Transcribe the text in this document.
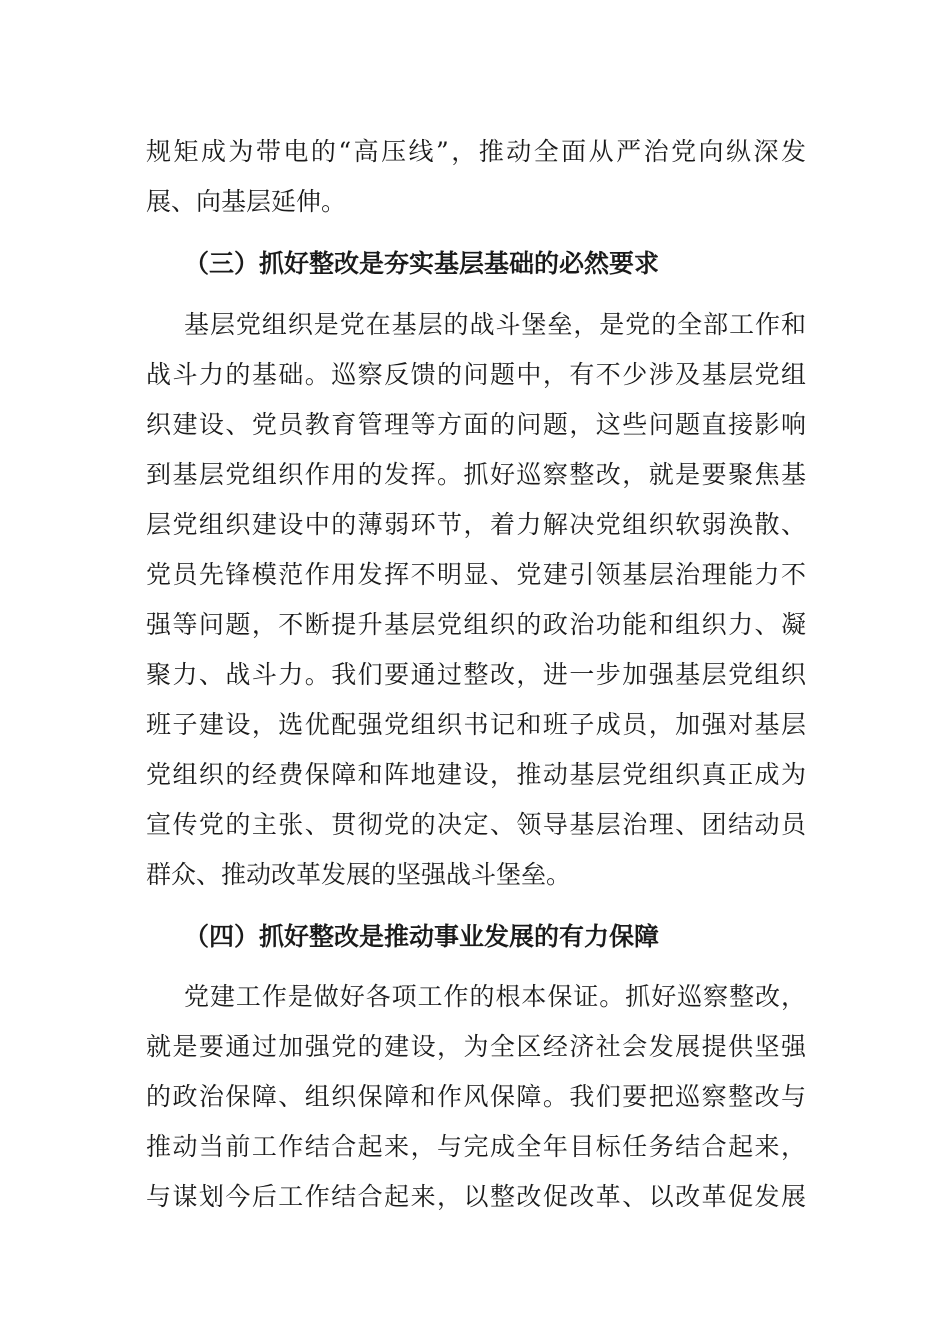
规矩成为带电的“高压线”，推动全面从严治党向纵深发
展、向基层延伸。
（三）抓好整改是夯实基层基础的必然要求
基层党组织是党在基层的战斗堡垒，是党的全部工作和
战斗力的基础。巡察反馈的问题中，有不少涉及基层党组
织建设、党员教育管理等方面的问题，这些问题直接影响
到基层党组织作用的发挥。抓好巡察整改，就是要聚焦基
层党组织建设中的薄弱环节，着力解决党组织软弱涣散、
党员先锋模范作用发挥不明显、党建引领基层治理能力不
强等问题，不断提升基层党组织的政治功能和组织力、凝
聚力、战斗力。我们要通过整改，进一步加强基层党组织
班子建设，选优配强党组织书记和班子成员，加强对基层
党组织的经费保障和阵地建设，推动基层党组织真正成为
宣传党的主张、贯彻党的决定、领导基层治理、团结动员
群众、推动改革发展的坚强战斗堡垒。
（四）抓好整改是推动事业发展的有力保障
党建工作是做好各项工作的根本保证。抓好巡察整改，
就是要通过加强党的建设，为全区经济社会发展提供坚强
的政治保障、组织保障和作风保障。我们要把巡察整改与
推动当前工作结合起来，与完成全年目标任务结合起来，
与谋划今后工作结合起来，以整改促改革、以改革促发展
